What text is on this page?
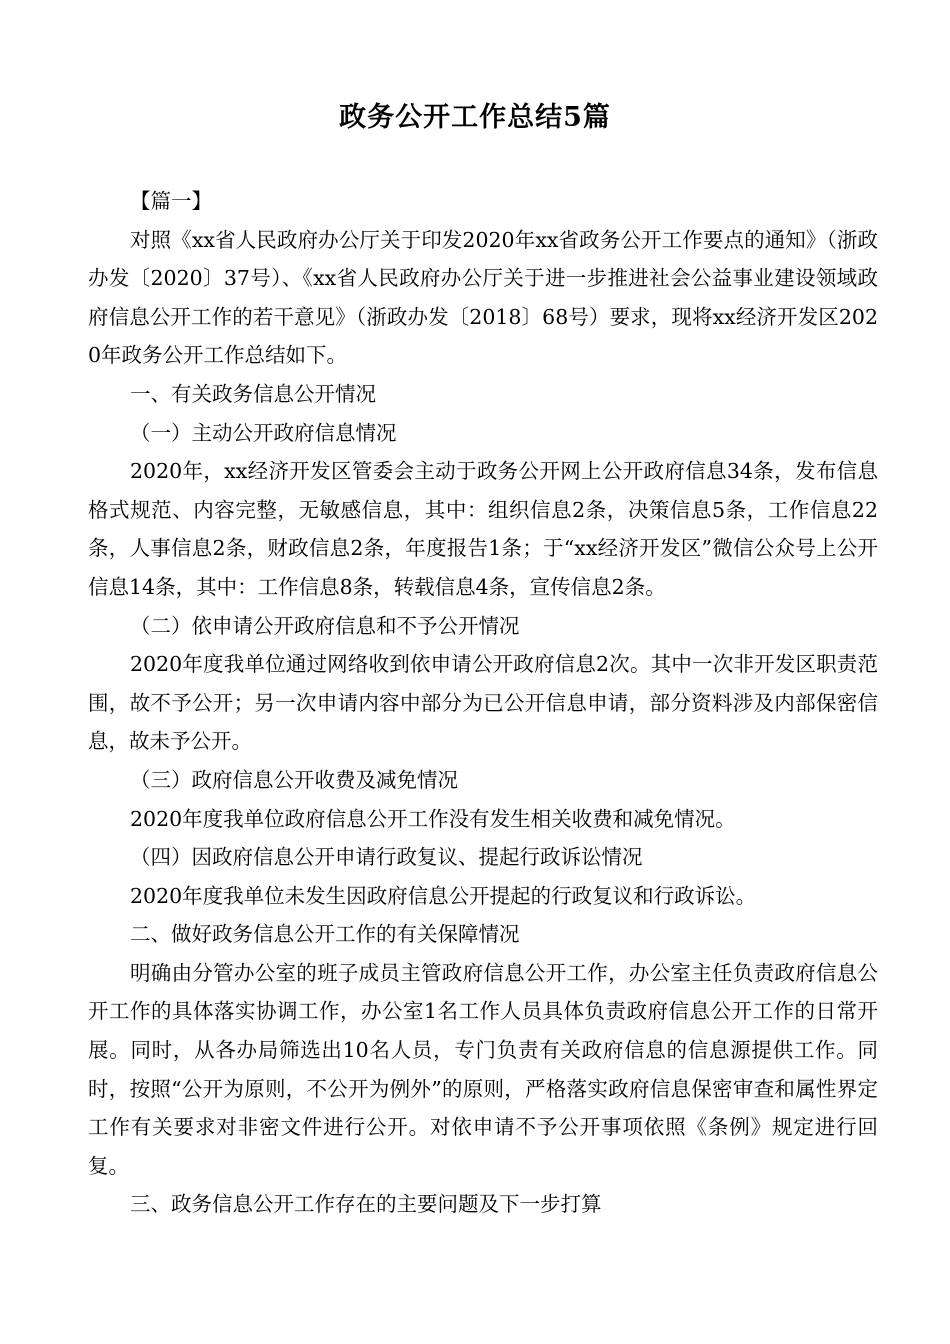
政务公开工作总结5篇

【篇一】

对照《xx省人民政府办公厅关于印发2020年xx省政务公开工作要点的通知》（浙政办发〔2020〕37号）、《xx省人民政府办公厅关于进一步推进社会公益事业建设领域政府信息公开工作的若干意见》（浙政办发〔2018〕68号）要求，现将xx经济开发区2020年政务公开工作总结如下。

一、有关政务信息公开情况

（一）主动公开政府信息情况

2020年，xx经济开发区管委会主动于政务公开网上公开政府信息34条，发布信息格式规范、内容完整，无敏感信息，其中：组织信息2条，决策信息5条，工作信息22条，人事信息2条，财政信息2条，年度报告1条；于“xx经济开发区”微信公众号上公开信息14条，其中：工作信息8条，转载信息4条，宣传信息2条。

（二）依申请公开政府信息和不予公开情况

2020年度我单位通过网络收到依申请公开政府信息2次。其中一次非开发区职责范围，故不予公开；另一次申请内容中部分为已公开信息申请，部分资料涉及内部保密信息，故未予公开。

（三）政府信息公开收费及减免情况

2020年度我单位政府信息公开工作没有发生相关收费和减免情况。

（四）因政府信息公开申请行政复议、提起行政诉讼情况

2020年度我单位未发生因政府信息公开提起的行政复议和行政诉讼。

二、做好政务信息公开工作的有关保障情况

明确由分管办公室的班子成员主管政府信息公开工作，办公室主任负责政府信息公开工作的具体落实协调工作，办公室1名工作人员具体负责政府信息公开工作的日常开展。同时，从各办局筛选出10名人员，专门负责有关政府信息的信息源提供工作。同时，按照“公开为原则，不公开为例外”的原则，严格落实政府信息保密审查和属性界定工作有关要求对非密文件进行公开。对依申请不予公开事项依照《条例》规定进行回复。

三、政务信息公开工作存在的主要问题及下一步打算
